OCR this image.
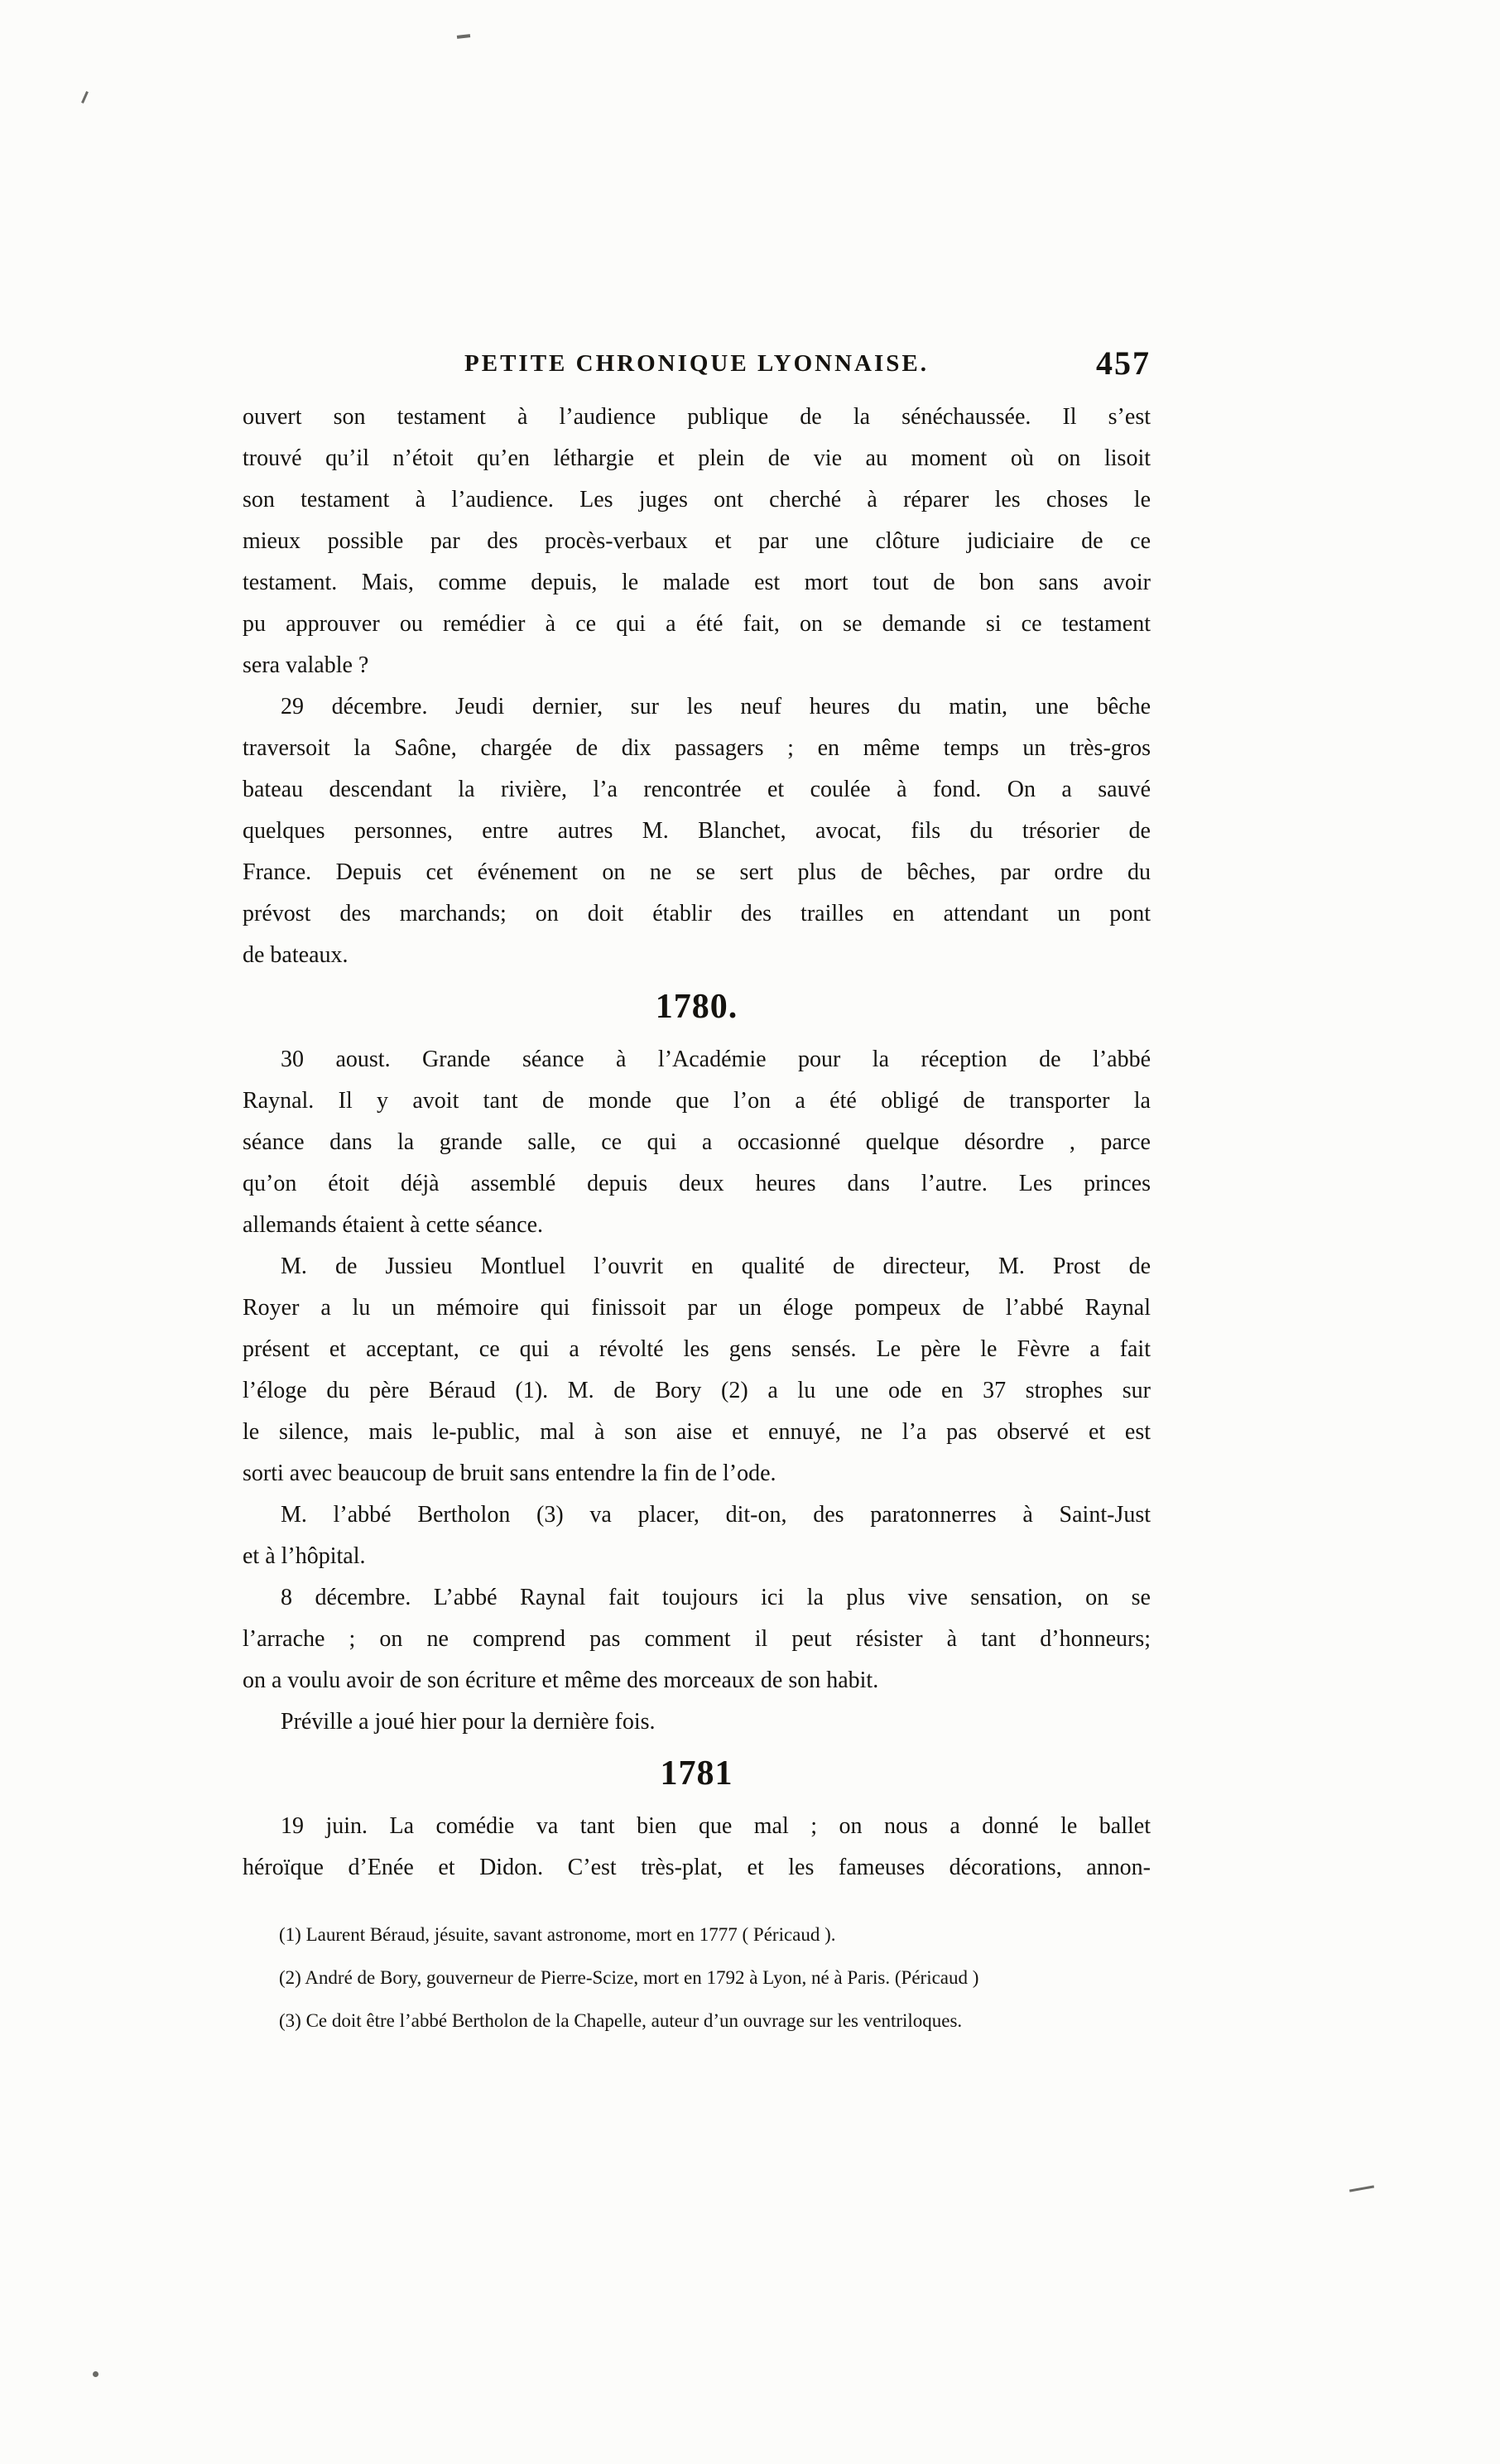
PETITE CHRONIQUE LYONNAISE.	457
ouvert son testament à l’audience publique de la sénéchaussée. Il s’est
trouvé qu’il n’étoit qu’en léthargie et plein de vie au moment où on lisoit
son testament à l’audience. Les juges ont cherché à réparer les choses le
mieux possible par des procès-verbaux et par une clôture judiciaire de ce
testament. Mais, comme depuis, le malade est mort tout de bon sans avoir
pu approuver ou remédier à ce qui a été fait, on se demande si ce testament
sera valable ?
29 décembre. Jeudi dernier, sur les neuf heures du matin, une bêche
traversoit la Saône, chargée de dix passagers ; en même temps un très-gros
bateau descendant la rivière, l’a rencontrée et coulée à fond. On a sauvé
quelques personnes, entre autres M. Blanchet, avocat, fils du trésorier de
France. Depuis cet événement on ne se sert plus de bêches, par ordre du
prévost des marchands; on doit établir des trailles en attendant un pont
de bateaux.
1780.
30 aoust. Grande séance à l’Académie pour la réception de l’abbé
Raynal. Il y avoit tant de monde que l’on a été obligé de transporter la
séance dans la grande salle, ce qui a occasionné quelque désordre , parce
qu’on étoit déjà assemblé depuis deux heures dans l’autre. Les princes
allemands étaient à cette séance.
M. de Jussieu Montluel l’ouvrit en qualité de directeur, M. Prost de
Royer a lu un mémoire qui finissoit par un éloge pompeux de l’abbé Raynal
présent et acceptant, ce qui a révolté les gens sensés. Le père le Fèvre a fait
l’éloge du père Béraud (1). M. de Bory (2) a lu une ode en 37 strophes sur
le silence, mais le-public, mal à son aise et ennuyé, ne l’a pas observé et est
sorti avec beaucoup de bruit sans entendre la fin de l’ode.
M. l’abbé Bertholon (3) va placer, dit-on, des paratonnerres à Saint-Just
et à l’hôpital.
8 décembre. L’abbé Raynal fait toujours ici la plus vive sensation, on se
l’arrache ; on ne comprend pas comment il peut résister à tant d’honneurs;
on a voulu avoir de son écriture et même des morceaux de son habit.
Préville a joué hier pour la dernière fois.
1781
19 juin. La comédie va tant bien que mal ; on nous a donné le ballet
héroïque d’Enée et Didon. C’est très-plat, et les fameuses décorations, annon-
(1) Laurent Béraud, jésuite, savant astronome, mort en 1777 ( Péricaud ).
(2) André de Bory, gouverneur de Pierre-Scize, mort en 1792 à Lyon, né à Paris. (Péricaud )
(3) Ce doit être l’abbé Bertholon de la Chapelle, auteur d’un ouvrage sur les ventriloques.
